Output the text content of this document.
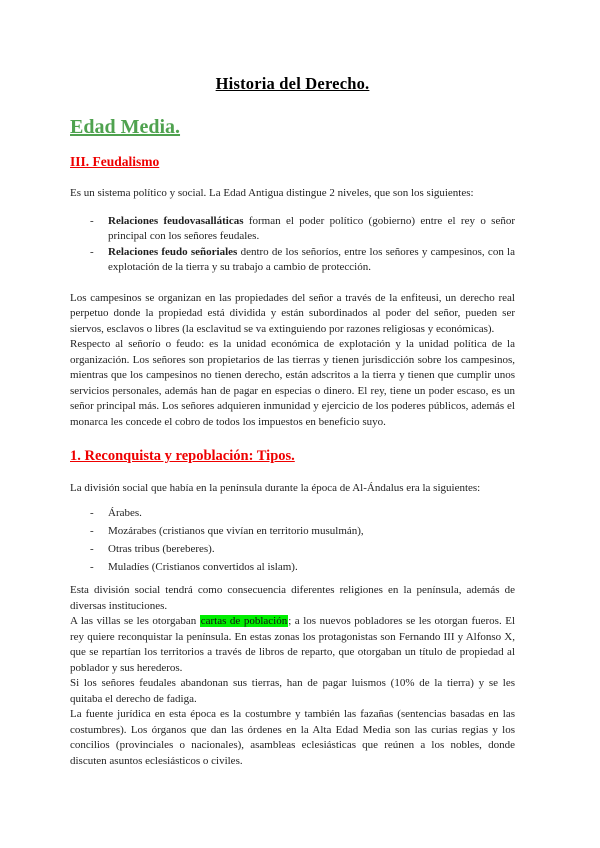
Historia del Derecho.
Edad Media.
III. Feudalismo

Es un sistema político y social. La Edad Antigua distingue 2 niveles, que son los siguientes:

- Relaciones feudovasalláticas forman el poder político (gobierno) entre el rey o señor principal con los señores feudales.
- Relaciones feudo señoriales dentro de los señoríos, entre los señores y campesinos, con la explotación de la tierra y su trabajo a cambio de protección.

Los campesinos se organizan en las propiedades del señor a través de la enfiteusi, un derecho real perpetuo donde la propiedad está dividida y están subordinados al poder del señor, pueden ser siervos, esclavos o libres (la esclavitud se va extinguiendo por razones religiosas y económicas).

Respecto al señorío o feudo: es la unidad económica de explotación y la unidad política de la organización. Los señores son propietarios de las tierras y tienen jurisdicción sobre los campesinos, mientras que los campesinos no tienen derecho, están adscritos a la tierra y tienen que cumplir unos servicios personales, además han de pagar en especias o dinero. El rey, tiene un poder escaso, es un señor principal más. Los señores adquieren inmunidad y ejercicio de los poderes públicos, además el monarca les concede el cobro de todos los impuestos en beneficio suyo.

1. Reconquista y repoblación: Tipos.

La división social que había en la península durante la época de Al-Ándalus era la siguientes:

- Árabes.
- Mozárabes (cristianos que vivían en territorio musulmán),
- Otras tribus (bereberes).
- Muladíes (Cristianos convertidos al islam).

Esta división social tendrá como consecuencia diferentes religiones en la península, además de diversas instituciones.

A las villas se les otorgaban cartas de población; a los nuevos pobladores se les otorgan fueros. El rey quiere reconquistar la península. En estas zonas los protagonistas son Fernando III y Alfonso X, que se repartían los territorios a través de libros de reparto, que otorgaban un título de propiedad al poblador y sus herederos.

Si los señores feudales abandonan sus tierras, han de pagar luismos (10% de la tierra) y se les quitaba el derecho de fadiga.

La fuente jurídica en esta época es la costumbre y también las fazañas (sentencias basadas en las costumbres). Los órganos que dan las órdenes en la Alta Edad Media son las curias regias y los concilios (provinciales o nacionales), asambleas eclesiásticas que reúnen a los nobles, donde discuten asuntos eclesiásticos o civiles.
